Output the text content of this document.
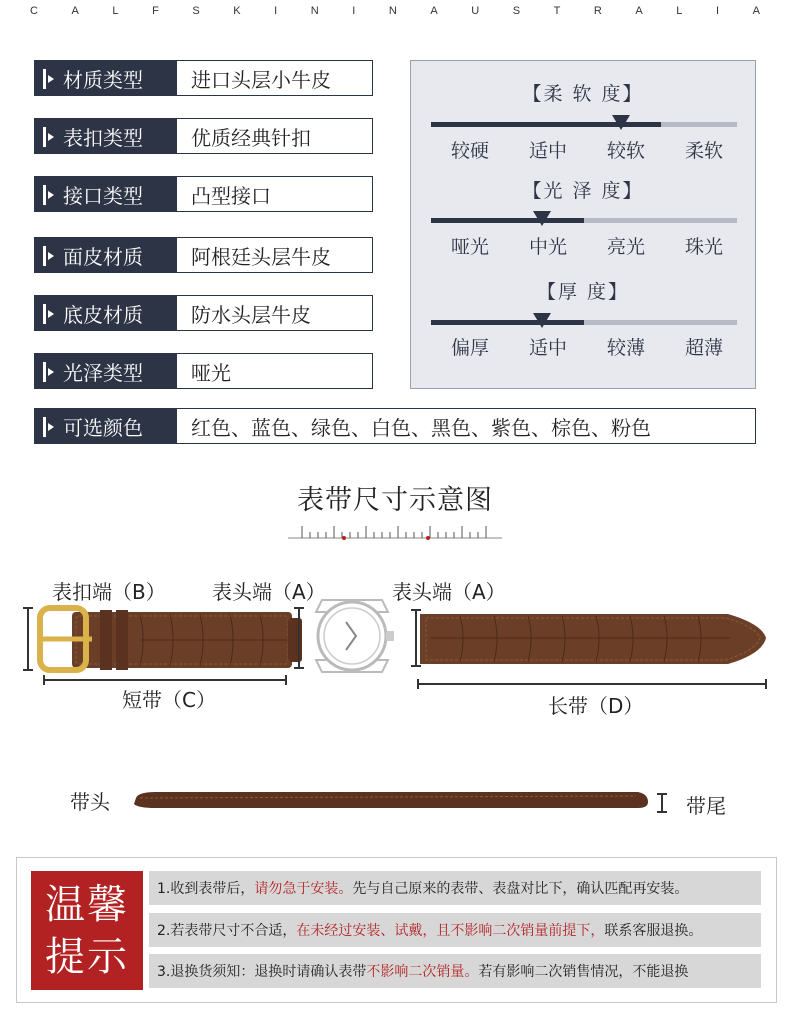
C	A	L	F	S	K	I	N	I	N	A	U	S	T	R	A	L	I	A
材质类型	进口头层小牛皮
表扣类型	优质经典针扣
接口类型	凸型接口
面皮材质	阿根廷头层牛皮
底皮材质	防水头层牛皮
光泽类型	哑光
可选颜色	红色、蓝色、绿色、白色、黑色、紫色、棕色、粉色
【柔 软 度】
较硬	适中	较软	柔软
【光 泽 度】
哑光	中光	亮光	珠光
【厚 度】
偏厚	适中	较薄	超薄
表带尺寸示意图
表扣端（B） 表头端（A）	表头端（A）
短带（C）	长带（D）
带头	带尾
温馨
提示
1.收到表带后， 请勿急于安装。 先与自己原来的表带、表盘对比下，确认匹配再安装。
2.若表带尺寸不合适， 在未经过安装、试戴，且不影响二次销量前提下， 联系客服退换。
3.退换货须知：退换时请确认表带 不影响二次销量。 若有影响二次销售情况，不能退换
